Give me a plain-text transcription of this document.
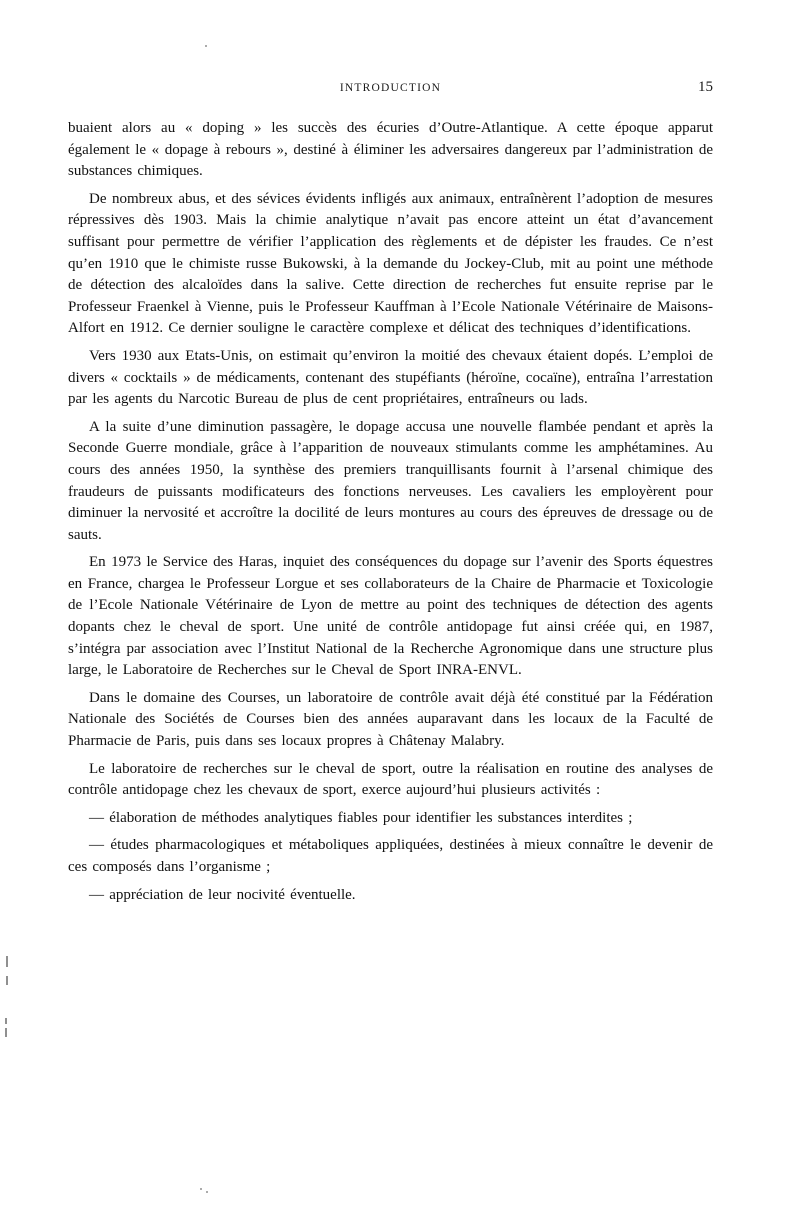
INTRODUCTION	15

buaient alors au « doping » les succès des écuries d’Outre-Atlantique. A cette époque apparut également le « dopage à rebours », destiné à éliminer les adversaires dangereux par l’administration de substances chimiques.

De nombreux abus, et des sévices évidents infligés aux animaux, entraînèrent l’adoption de mesures répressives dès 1903. Mais la chimie analytique n’avait pas encore atteint un état d’avancement suffisant pour permettre de vérifier l’application des règlements et de dépister les fraudes. Ce n’est qu’en 1910 que le chimiste russe Bukowski, à la demande du Jockey-Club, mit au point une méthode de détection des alcaloïdes dans la salive. Cette direction de recherches fut ensuite reprise par le Professeur Fraenkel à Vienne, puis le Professeur Kauffman à l’Ecole Nationale Vétérinaire de Maisons-Alfort en 1912. Ce dernier souligne le caractère complexe et délicat des techniques d’identifications.

Vers 1930 aux Etats-Unis, on estimait qu’environ la moitié des chevaux étaient dopés. L’emploi de divers « cocktails » de médicaments, contenant des stupéfiants (héroïne, cocaïne), entraîna l’arrestation par les agents du Narcotic Bureau de plus de cent propriétaires, entraîneurs ou lads.

A la suite d’une diminution passagère, le dopage accusa une nouvelle flambée pendant et après la Seconde Guerre mondiale, grâce à l’apparition de nouveaux stimulants comme les amphétamines. Au cours des années 1950, la synthèse des premiers tranquillisants fournit à l’arsenal chimique des fraudeurs de puissants modificateurs des fonctions nerveuses. Les cavaliers les employèrent pour diminuer la nervosité et accroître la docilité de leurs montures au cours des épreuves de dressage ou de sauts.

En 1973 le Service des Haras, inquiet des conséquences du dopage sur l’avenir des Sports équestres en France, chargea le Professeur Lorgue et ses collaborateurs de la Chaire de Pharmacie et Toxicologie de l’Ecole Nationale Vétérinaire de Lyon de mettre au point des techniques de détection des agents dopants chez le cheval de sport. Une unité de contrôle antidopage fut ainsi créée qui, en 1987, s’intégra par association avec l’Institut National de la Recherche Agronomique dans une structure plus large, le Laboratoire de Recherches sur le Cheval de Sport INRA-ENVL.

Dans le domaine des Courses, un laboratoire de contrôle avait déjà été constitué par la Fédération Nationale des Sociétés de Courses bien des années auparavant dans les locaux de la Faculté de Pharmacie de Paris, puis dans ses locaux propres à Châtenay Malabry.

Le laboratoire de recherches sur le cheval de sport, outre la réalisation en routine des analyses de contrôle antidopage chez les chevaux de sport, exerce aujourd’hui plusieurs activités :

— élaboration de méthodes analytiques fiables pour identifier les substances interdites ;

— études pharmacologiques et métaboliques appliquées, destinées à mieux connaître le devenir de ces composés dans l’organisme ;

— appréciation de leur nocivité éventuelle.
